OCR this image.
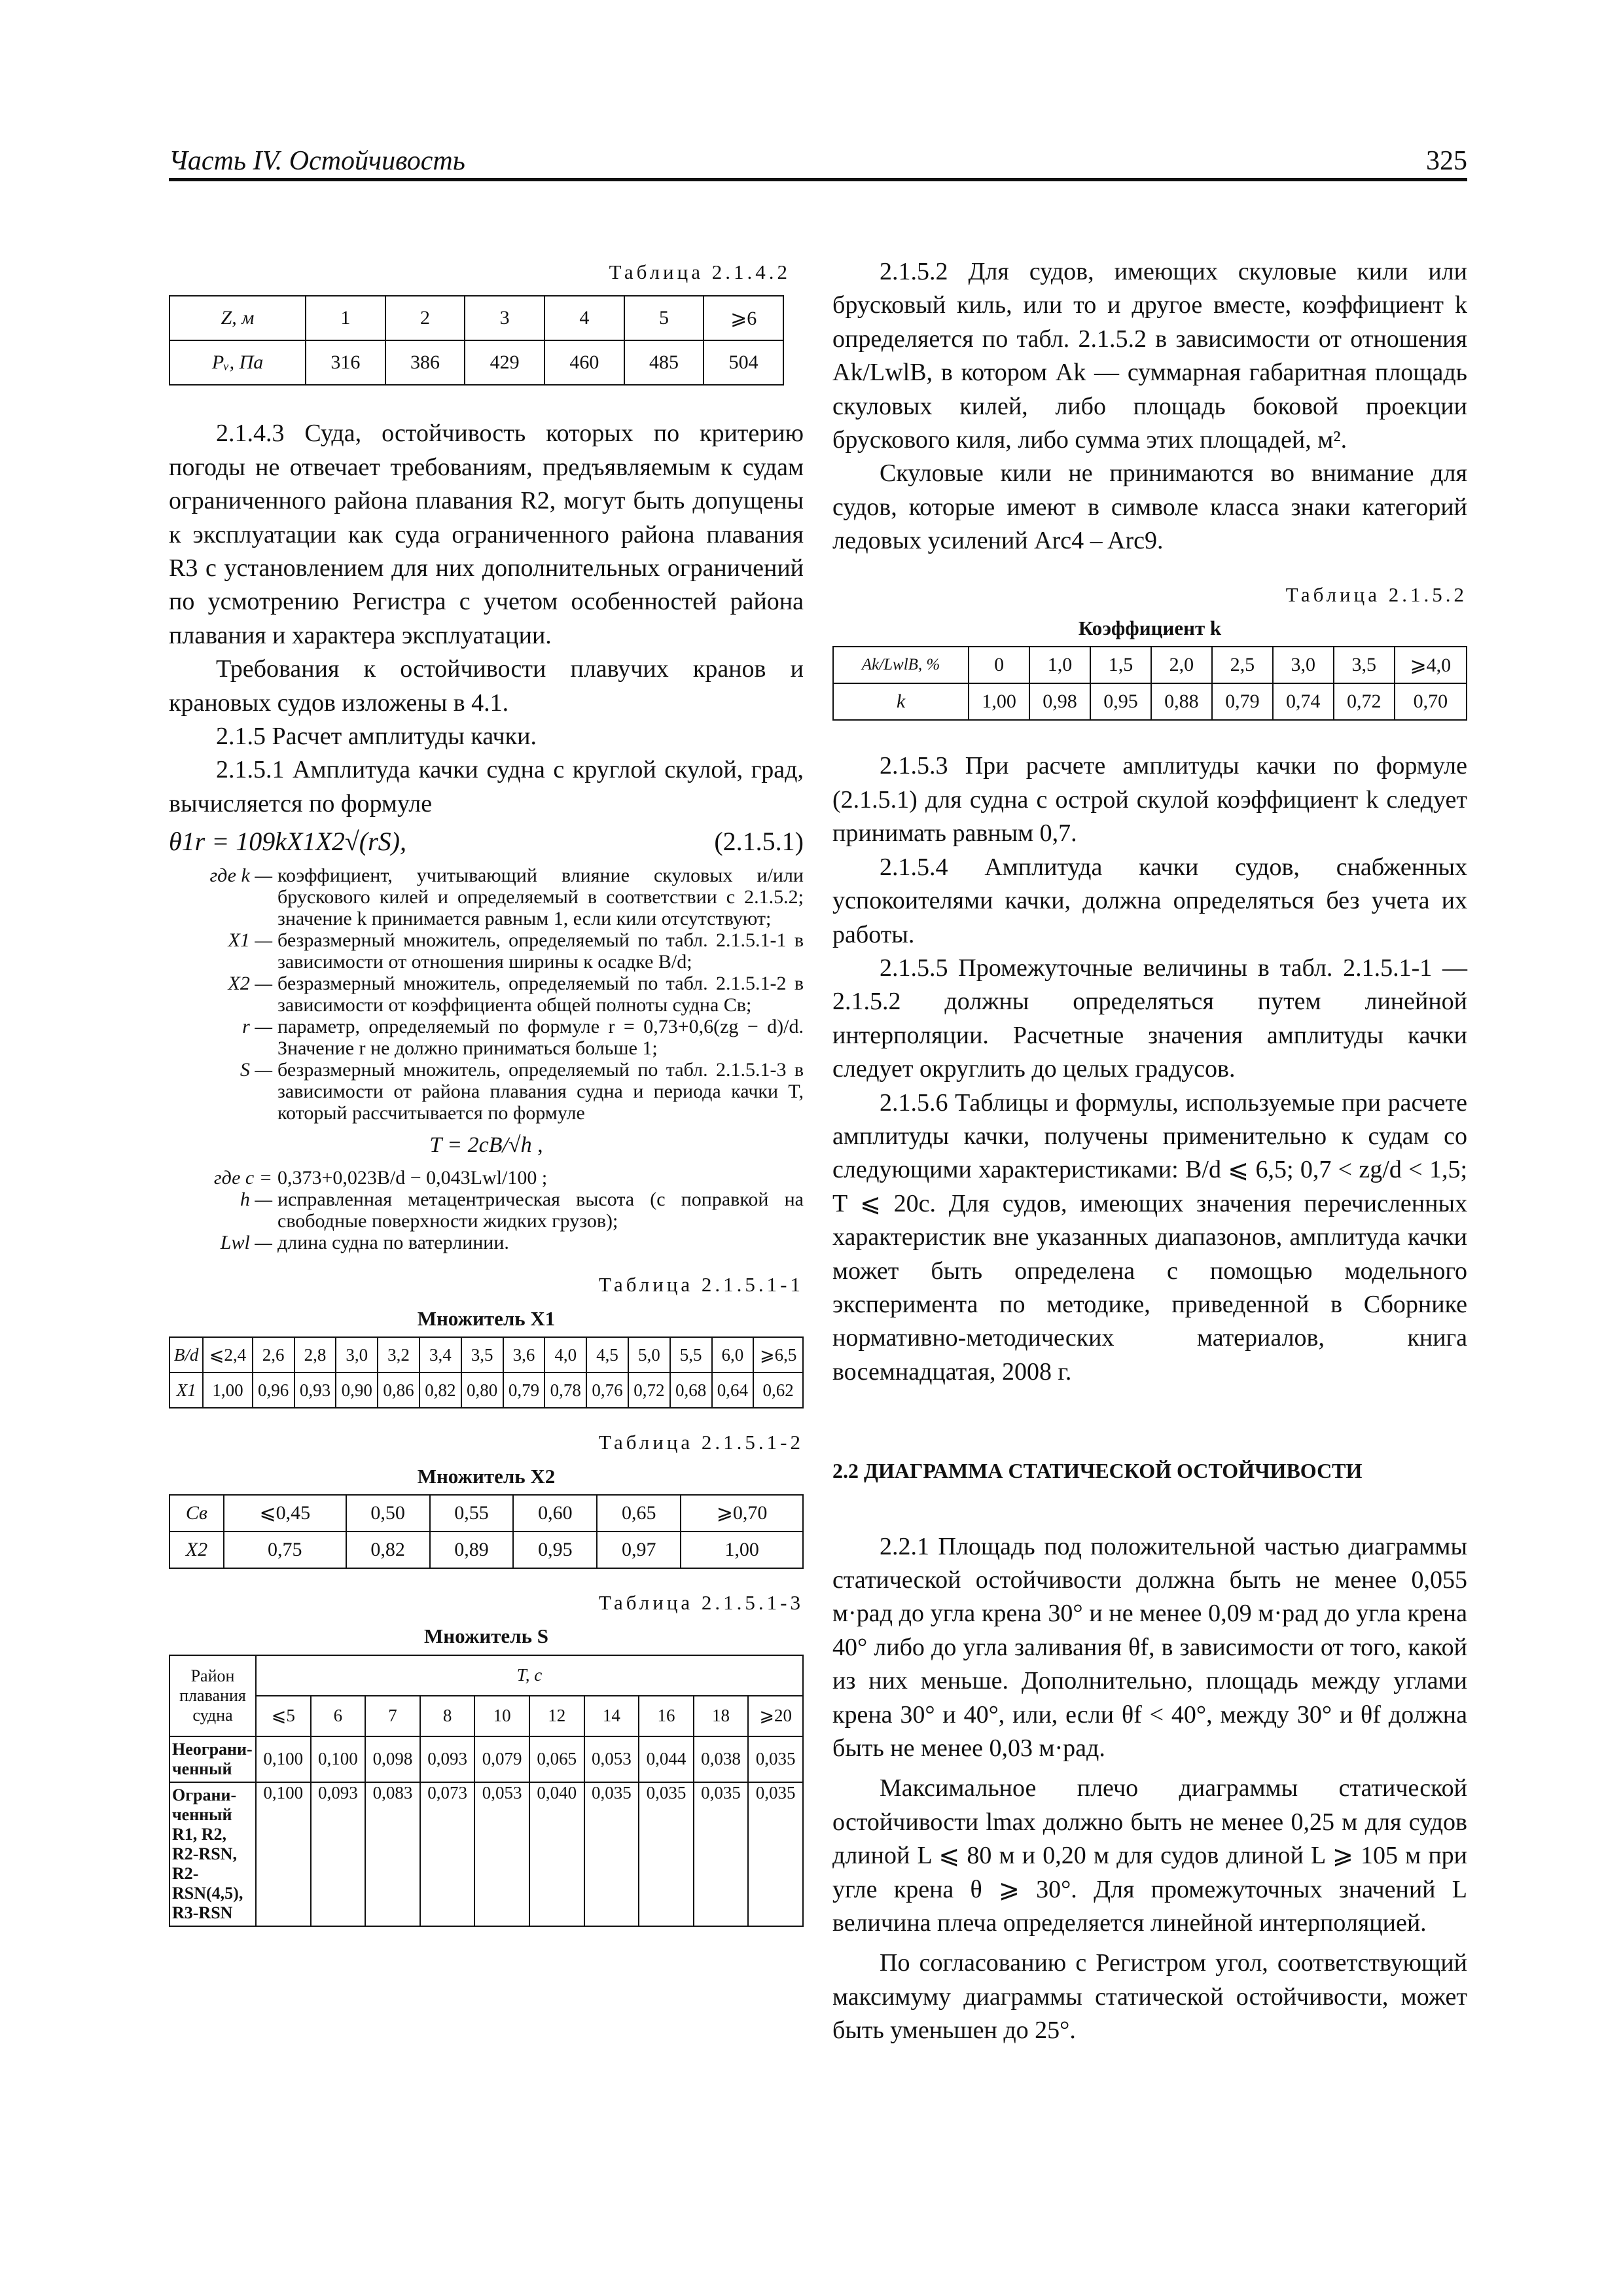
Часть IV. Остойчивость	325

Таблица 2.1.4.2

Z, м	1	2	3	4	5	⩾6
Pᵥ, Па	316	386	429	460	485	504

2.1.4.3 Суда, остойчивость которых по критерию погоды не отвечает требованиям, предъявляемым к судам ограниченного района плавания R2, могут быть допущены к эксплуатации как суда ограниченного района плавания R3 с установлением для них дополнительных ограничений по усмотрению Регистра с учетом особенностей района плавания и характера эксплуатации.

Требования к остойчивости плавучих кранов и крановых судов изложены в 4.1.

2.1.5 Расчет амплитуды качки.

2.1.5.1 Амплитуда качки судна с круглой скулой, град, вычисляется по формуле

θ1r = 109kX1X2√(rS),	(2.1.5.1)
где k — коэффициент, учитывающий влияние скуловых и/или брускового килей и определяемый в соответствии с 2.1.5.2; значение k принимается равным 1, если кили отсутствуют;
X1 — безразмерный множитель, определяемый по табл. 2.1.5.1-1 в зависимости от отношения ширины к осадке B/d;
X2 — безразмерный множитель, определяемый по табл. 2.1.5.1-2 в зависимости от коэффициента общей полноты судна Cв;
r — параметр, определяемый по формуле r = 0,73+0,6(zg − d)/d. Значение r не должно приниматься больше 1;
S — безразмерный множитель, определяемый по табл. 2.1.5.1-3 в зависимости от района плавания судна и периода качки T, который рассчитывается по формуле
T = 2cB/√h ,
где c = 0,373+0,023B/d − 0,043Lwl/100 ;
h — исправленная метацентрическая высота (с поправкой на свободные поверхности жидких грузов);
Lwl — длина судна по ватерлинии.

Таблица 2.1.5.1-1

Множитель X1

B/d	⩽2,4	2,6	2,8	3,0	3,2	3,4	3,5	3,6	4,0	4,5	5,0	5,5	6,0	⩾6,5
X1	1,00	0,96	0,93	0,90	0,86	0,82	0,80	0,79	0,78	0,76	0,72	0,68	0,64	0,62

Таблица 2.1.5.1-2

Множитель X2

Cв	⩽0,45	0,50	0,55	0,60	0,65	⩾0,70
X2	0,75	0,82	0,89	0,95	0,97	1,00

Таблица 2.1.5.1-3

Множитель S

Район плавания судна	T, c									
	⩽5	6	7	8	10	12	14	16	18	⩾20
Неограни-ченный	0,100	0,100	0,098	0,093	0,079	0,065	0,053	0,044	0,038	0,035
Ограни-ченный R1, R2, R2-RSN, R2-RSN(4,5), R3-RSN	0,100	0,093	0,083	0,073	0,053	0,040	0,035	0,035	0,035	0,035

2.1.5.2 Для судов, имеющих скуловые кили или брусковый киль, или то и другое вместе, коэффициент k определяется по табл. 2.1.5.2 в зависимости от отношения Ak/LwlB, в котором Ak — суммарная габаритная площадь скуловых килей, либо площадь боковой проекции брускового киля, либо сумма этих площадей, м².

Скуловые кили не принимаются во внимание для судов, которые имеют в символе класса знаки категорий ледовых усилений Arc4 – Arc9.

Таблица 2.1.5.2

Коэффициент k

Ak/LwlB, %	0	1,0	1,5	2,0	2,5	3,0	3,5	⩾4,0
k	1,00	0,98	0,95	0,88	0,79	0,74	0,72	0,70

2.1.5.3 При расчете амплитуды качки по формуле (2.1.5.1) для судна с острой скулой коэффициент k следует принимать равным 0,7.

2.1.5.4 Амплитуда качки судов, снабженных успокоителями качки, должна определяться без учета их работы.

2.1.5.5 Промежуточные величины в табл. 2.1.5.1-1 — 2.1.5.2 должны определяться путем линейной интерполяции. Расчетные значения амплитуды качки следует округлить до целых градусов.

2.1.5.6 Таблицы и формулы, используемые при расчете амплитуды качки, получены применительно к судам со следующими характеристиками: B/d ⩽ 6,5; 0,7 < zg/d < 1,5; T ⩽ 20с. Для судов, имеющих значения перечисленных характеристик вне указанных диапазонов, амплитуда качки может быть определена с помощью модельного эксперимента по методике, приведенной в Сборнике нормативно-методических материалов, книга восемнадцатая, 2008 г.

2.2 ДИАГРАММА СТАТИЧЕСКОЙ ОСТОЙЧИВОСТИ

2.2.1 Площадь под положительной частью диаграммы статической остойчивости должна быть не менее 0,055 м·рад до угла крена 30° и не менее 0,09 м·рад до угла крена 40° либо до угла заливания θf, в зависимости от того, какой из них меньше. Дополнительно, площадь между углами крена 30° и 40°, или, если θf < 40°, между 30° и θf должна быть не менее 0,03 м·рад.

Максимальное плечо диаграммы статической остойчивости lmax должно быть не менее 0,25 м для судов длиной L ⩽ 80 м и 0,20 м для судов длиной L ⩾ 105 м при угле крена θ ⩾ 30°. Для промежуточных значений L величина плеча определяется линейной интерполяцией.

По согласованию с Регистром угол, соответствующий максимуму диаграммы статической остойчивости, может быть уменьшен до 25°.
